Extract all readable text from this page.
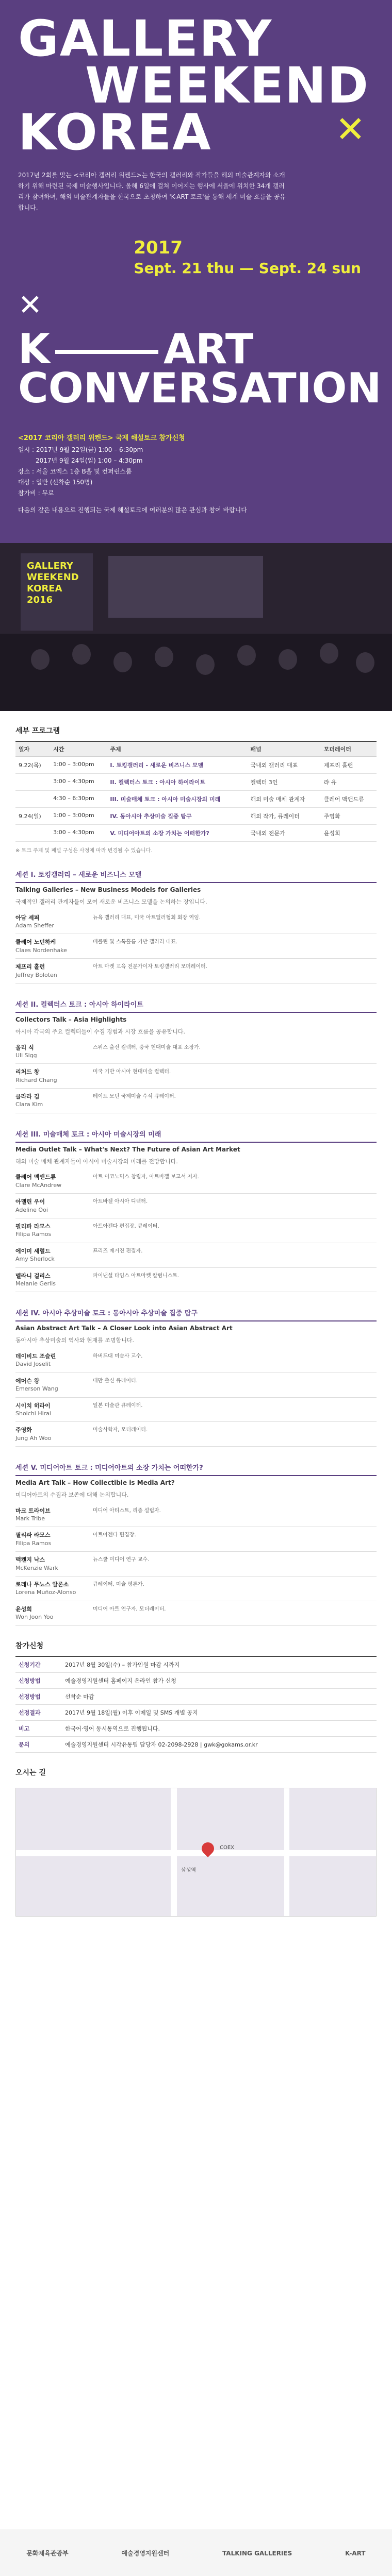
GALLERY
WEEKEND
KOREA	✕
2017년 2회를 맞는 <코리아 갤러리 위켄드>는 한국의 갤러리와 작가들을 해외 미술관계자와 소개하기 위해 마련된 국제 미술행사입니다. 올해 6일에 걸쳐 이어지는 행사에 서울에 위치한 34개 갤러리가 참여하며, 해외 미술관계자들을 한국으로 초청하여 'K-ART 토크'를 통해 세계 미술 흐름을 공유합니다.
2017
Sept. 21 thu — Sept. 24 sun
✕
K	ART
CONVERSATION
<2017 코리아 갤러리 위켄드> 국제 해설토크 참가신청
일시 : 2017년 9월 22일(금) 1:00 – 6:30pm
2017년 9월 24일(일) 1:00 – 4:30pm
장소 : 서울 코엑스 1층 B홀 및 컨퍼런스룸
대상 : 일반 (선착순 150명)
참가비 : 무료
다음의 같은 내용으로 진행되는 국제 해설토크에 여러분의 많은 관심과 참여 바랍니다
GALLERY
WEEKEND
KOREA
2016
세부 프로그램
일자	시간	주제	패널	모더레이터
9.22(목)	1:00 – 3:00pm	I. 토킹갤러리 - 새로운 비즈니스 모델	국내외 갤러리 대표	제프리 홀런
	3:00 – 4:30pm	II. 컬렉터스 토크 : 아시아 하이라이트	컬렉터 3인	랴 유
	4:30 – 6:30pm	III. 미술매체 토크 : 아시아 미술시장의 미래	해외 미술 매체 관계자	클레어 맥앤드류
9.24(일)	1:00 – 3:00pm	IV. 동아시아 추상미술 집중 탐구	해외 작가, 큐레이터	주영화
	3:00 – 4:30pm	V. 미디어아트의 소장 가치는 어떠한가?	국내외 전문가	윤성희
※ 토크 주제 및 패널 구성은 사정에 따라 변경될 수 있습니다.
세션 I. 토킹갤러리 – 새로운 비즈니스 모델
Talking Galleries – New Business Models for Galleries
국제적인 갤러리 관계자들이 모여 새로운 비즈니스 모델을 논의하는 장입니다.
아담 셰퍼
Adam Sheffer
뉴욕 갤러리 대표, 미국 아트딜러협회 회장 역임.
클레어 노던하케
Claes Nordenhake
베를린 및 스톡홀름 기반 갤러리 대표.
제프리 홀런
Jeffrey Boloten
아트 마켓 교육 전문가이자 토킹갤러리 모더레이터.
세션 II. 컬렉터스 토크 : 아시아 하이라이트
Collectors Talk – Asia Highlights
아시아 각국의 주요 컬렉터들이 수집 경험과 시장 흐름을 공유합니다.
울리 식
Uli Sigg
스위스 출신 컬렉터, 중국 현대미술 대표 소장가.
리처드 창
Richard Chang
미국 기반 아시아 현대미술 컬렉터.
클라라 김
Clara Kim
테이트 모던 국제미술 수석 큐레이터.
세션 III. 미술매체 토크 : 아시아 미술시장의 미래
Media Outlet Talk – What's Next? The Future of Asian Art Market
해외 미술 매체 관계자들이 아시아 미술시장의 미래를 전망합니다.
클레어 맥앤드류
Clare McAndrew
아트 이코노믹스 창립자, 아트바젤 보고서 저자.
아델린 우이
Adeline Ooi
아트바젤 아시아 디렉터.
필리파 라모스
Filipa Ramos
아트아젠다 편집장, 큐레이터.
에이미 셰럴드
Amy Sherlock
프리즈 매거진 편집자.
멜라니 걸리스
Melanie Gerlis
파이낸셜 타임스 아트마켓 칼럼니스트.
세션 IV. 아시아 추상미술 토크 : 동아시아 추상미술 집중 탐구
Asian Abstract Art Talk – A Closer Look into Asian Abstract Art
동아시아 추상미술의 역사와 현재를 조명합니다.
데이비드 조슬린
David Joselit
하버드대 미술사 교수.
에머슨 왕
Emerson Wang
대만 출신 큐레이터.
시이치 히라이
Shoichi Hirai
일본 미술관 큐레이터.
주영화
Jung Ah Woo
미술사학자, 모더레이터.
세션 V. 미디어아트 토크 : 미디어아트의 소장 가치는 어떠한가?
Media Art Talk – How Collectible is Media Art?
미디어아트의 수집과 보존에 대해 논의합니다.
마크 트라이브
Mark Tribe
미디어 아티스트, 리좀 설립자.
필리파 라모스
Filipa Ramos
아트아젠다 편집장.
맥켄지 낙스
McKenzie Wark
뉴스쿨 미디어 연구 교수.
로레나 무뇨스 알론소
Lorena Muñoz-Alonso
큐레이터, 미술 평론가.
윤성희
Won Joon Yoo
미디어 아트 연구자, 모더레이터.
참가신청
신청기간	2017년 8월 30일(수) – 참가인원 마감 시까지
신청방법	예술경영지원센터 홈페이지 온라인 참가 신청
선정방법	선착순 마감
선정결과	2017년 9월 18일(월) 이후 이메일 및 SMS 개별 공지
비고	한국어·영어 동시통역으로 진행됩니다.
문의	예술경영지원센터 시각유통팀 담당자 02-2098-2928 | gwk@gokams.or.kr
오시는 길
COEX
삼성역
문화체육관광부	예술경영지원센터	TALKING GALLERIES	K-ART
